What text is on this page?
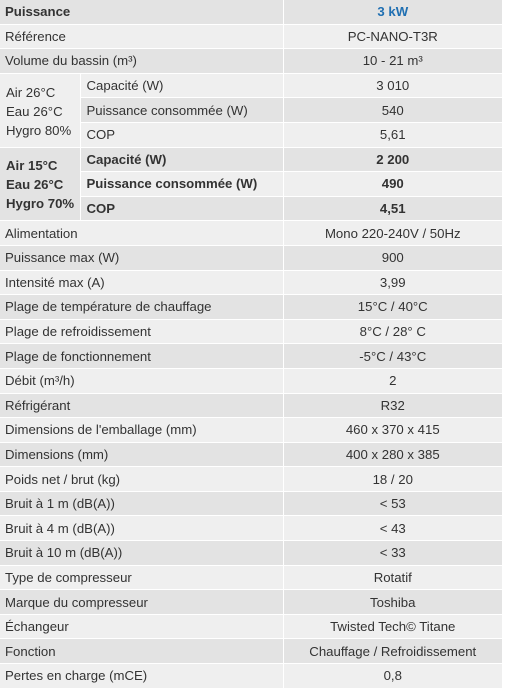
Puissance		3 kW
Référence		PC-NANO-T3R
Volume du bassin (m³)		10 - 21 m³

Air 26°C
Eau 26°C
Hygro 80%	Capacité (W)	3 010
	Puissance consommée (W)	540
	COP	5,61

Air 15°C
Eau 26°C
Hygro 70%	Capacité (W)	2 200
	Puissance consommée (W)	490
	COP	4,51
Alimentation		Mono 220-240V / 50Hz
Puissance max (W)		900
Intensité max (A)		3,99
Plage de température de chauffage		15°C / 40°C
Plage de refroidissement		8°C / 28° C
Plage de fonctionnement		-5°C / 43°C
Débit (m³/h)		2
Réfrigérant		R32
Dimensions de l'emballage (mm)		460 x 370 x 415
Dimensions (mm)		400 x 280 x 385
Poids net / brut (kg)		18 / 20
Bruit à 1 m (dB(A))		< 53
Bruit à 4 m (dB(A))		< 43
Bruit à 10 m (dB(A))		< 33
Type de compresseur		Rotatif
Marque du compresseur		Toshiba
Échangeur		Twisted Tech© Titane
Fonction		Chauffage / Refroidissement
Pertes en charge (mCE)		0,8
